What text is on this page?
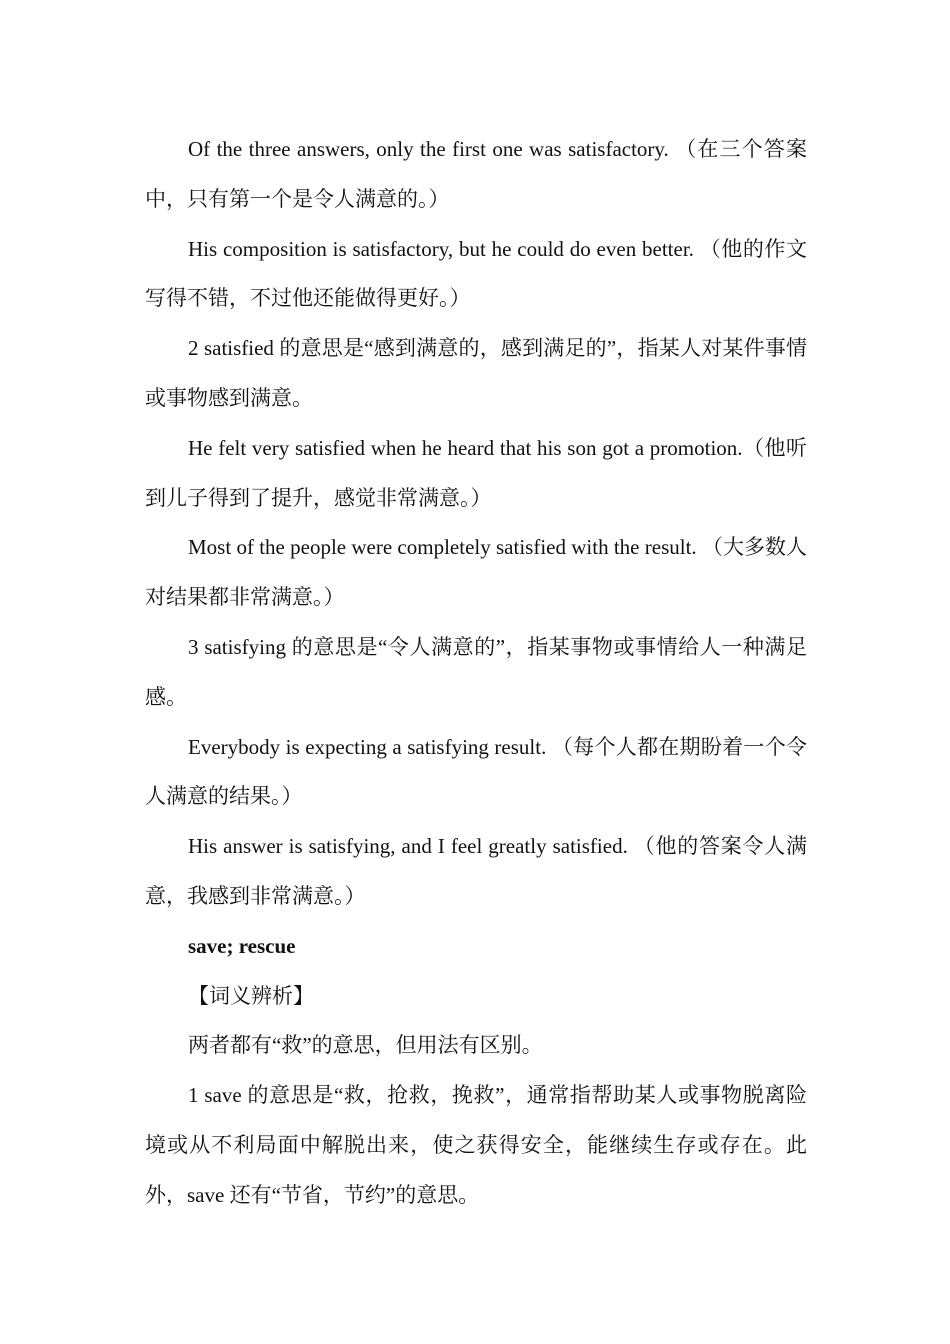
Of the three answers, only the first one was satisfactory. （在三个答案中，只有第一个是令人满意的。）

His composition is satisfactory, but he could do even better. （他的作文写得不错，不过他还能做得更好。）

2 satisfied 的意思是“感到满意的，感到满足的”，指某人对某件事情或事物感到满意。

He felt very satisfied when he heard that his son got a promotion.（他听到儿子得到了提升，感觉非常满意。）

Most of the people were completely satisfied with the result. （大多数人对结果都非常满意。）

3 satisfying 的意思是“令人满意的”，指某事物或事情给人一种满足感。

Everybody is expecting a satisfying result. （每个人都在期盼着一个令人满意的结果。）

His answer is satisfying, and I feel greatly satisfied. （他的答案令人满意，我感到非常满意。）

save; rescue

【词义辨析】

两者都有“救”的意思，但用法有区别。

1 save 的意思是“救，抢救，挽救”，通常指帮助某人或事物脱离险境或从不利局面中解脱出来，使之获得安全，能继续生存或存在。此外，save 还有“节省，节约”的意思。
